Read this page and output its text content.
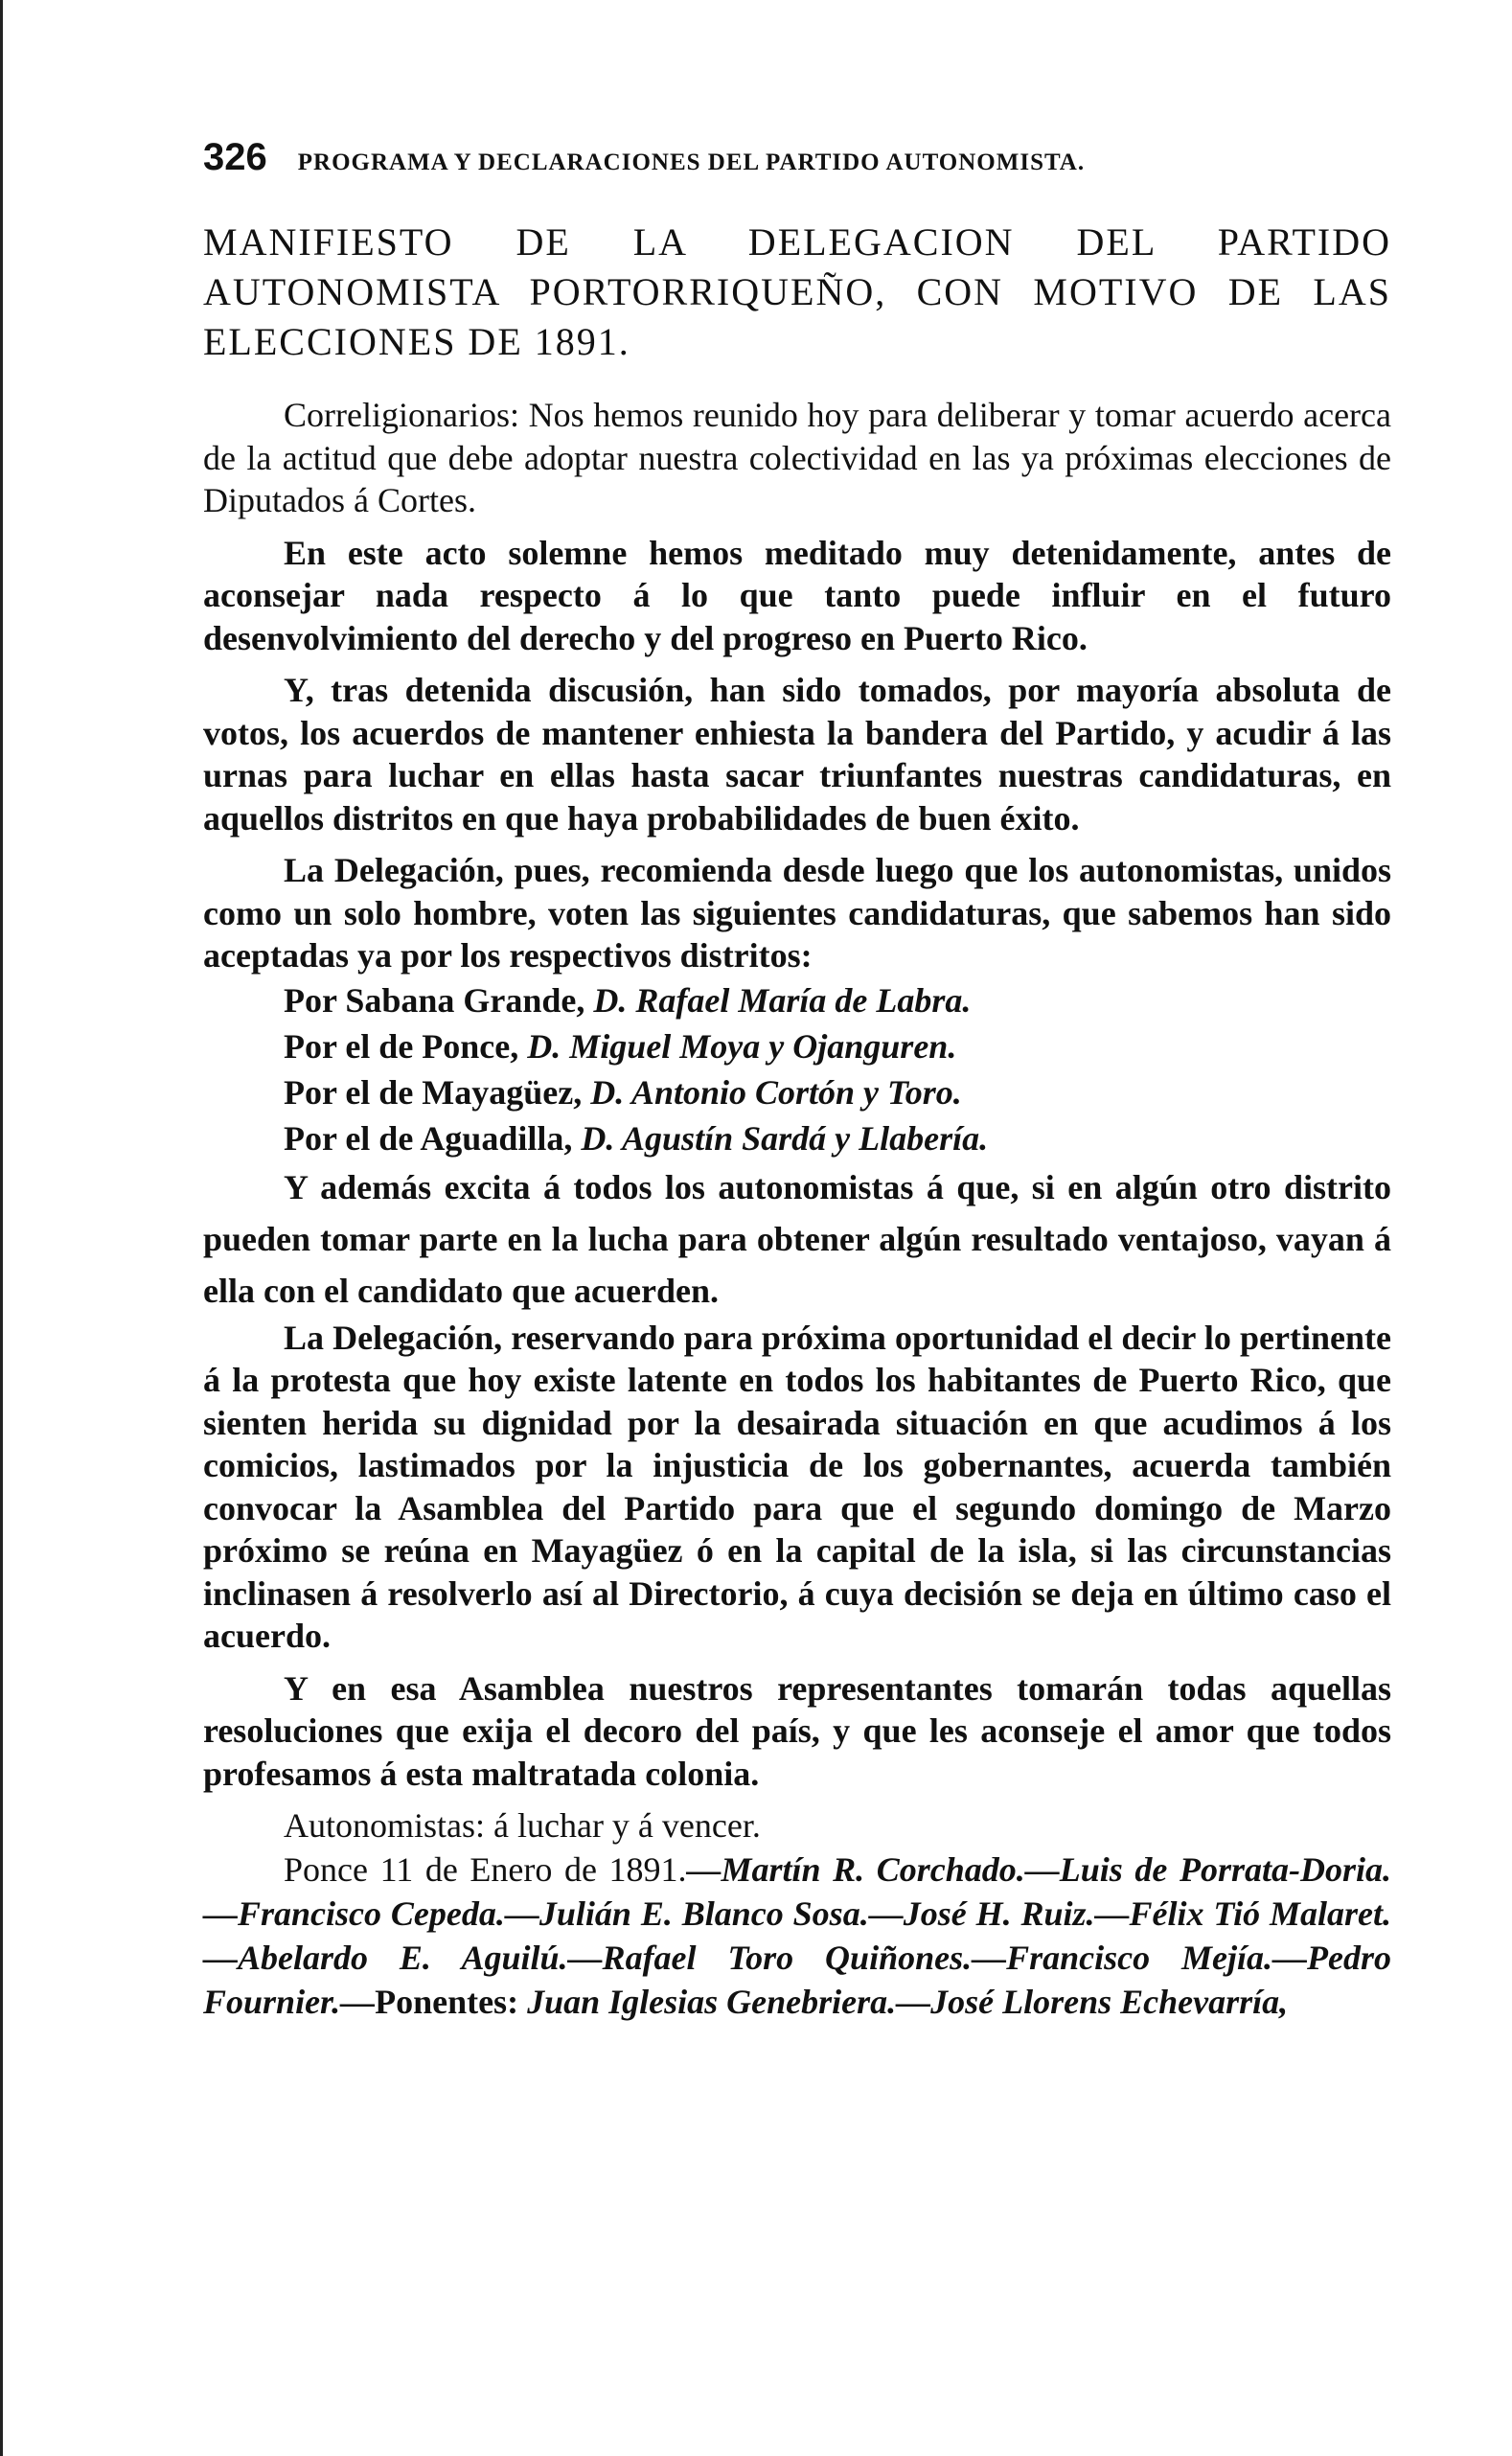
326 PROGRAMA Y DECLARACIONES DEL PARTIDO AUTONOMISTA.
MANIFIESTO DE LA DELEGACION DEL PARTIDO AUTONOMISTA PORTORRIQUEÑO, CON MOTIVO DE LAS ELECCIONES DE 1891.

Correligionarios: Nos hemos reunido hoy para deliberar y tomar acuerdo acerca de la actitud que debe adoptar nuestra colectividad en las ya próximas elecciones de Diputados á Cortes.

En este acto solemne hemos meditado muy detenidamente, antes de aconsejar nada respecto á lo que tanto puede influir en el futuro desenvolvimiento del derecho y del progreso en Puerto Rico.

Y, tras detenida discusión, han sido tomados, por mayoría absoluta de votos, los acuerdos de mantener enhiesta la bandera del Partido, y acudir á las urnas para luchar en ellas hasta sacar triunfantes nuestras candidaturas, en aquellos distritos en que haya probabilidades de buen éxito.

La Delegación, pues, recomienda desde luego que los autonomistas, unidos como un solo hombre, voten las siguientes candidaturas, que sabemos han sido aceptadas ya por los respectivos distritos:

Por Sabana Grande, D. Rafael María de Labra.

Por el de Ponce, D. Miguel Moya y Ojanguren.

Por el de Mayagüez, D. Antonio Cortón y Toro.

Por el de Aguadilla, D. Agustín Sardá y Llabería.

Y además excita á todos los autonomistas á que, si en algún otro distrito pueden tomar parte en la lucha para obtener algún resultado ventajoso, vayan á ella con el candidato que acuerden.

La Delegación, reservando para próxima oportunidad el decir lo pertinente á la protesta que hoy existe latente en todos los habitantes de Puerto Rico, que sienten herida su dignidad por la desairada situación en que acudimos á los comicios, lastimados por la injusticia de los gobernantes, acuerda también convocar la Asamblea del Partido para que el segundo domingo de Marzo próximo se reúna en Mayagüez ó en la capital de la isla, si las circunstancias inclinasen á resolverlo así al Directorio, á cuya decisión se deja en último caso el acuerdo.

Y en esa Asamblea nuestros representantes tomarán todas aquellas resoluciones que exija el decoro del país, y que les aconseje el amor que todos profesamos á esta maltratada colonia.

Autonomistas: á luchar y á vencer.

Ponce 11 de Enero de 1891.—Martín R. Corchado.—Luis de Porrata-Doria.—Francisco Cepeda.—Julián E. Blanco Sosa.—José H. Ruiz.—Félix Tió Malaret.—Abelardo E. Aguilú.—Rafael Toro Quiñones.—Francisco Mejía.—Pedro Fournier.—Ponentes: Juan Iglesias Genebriera.—José Llorens Echevarría,
